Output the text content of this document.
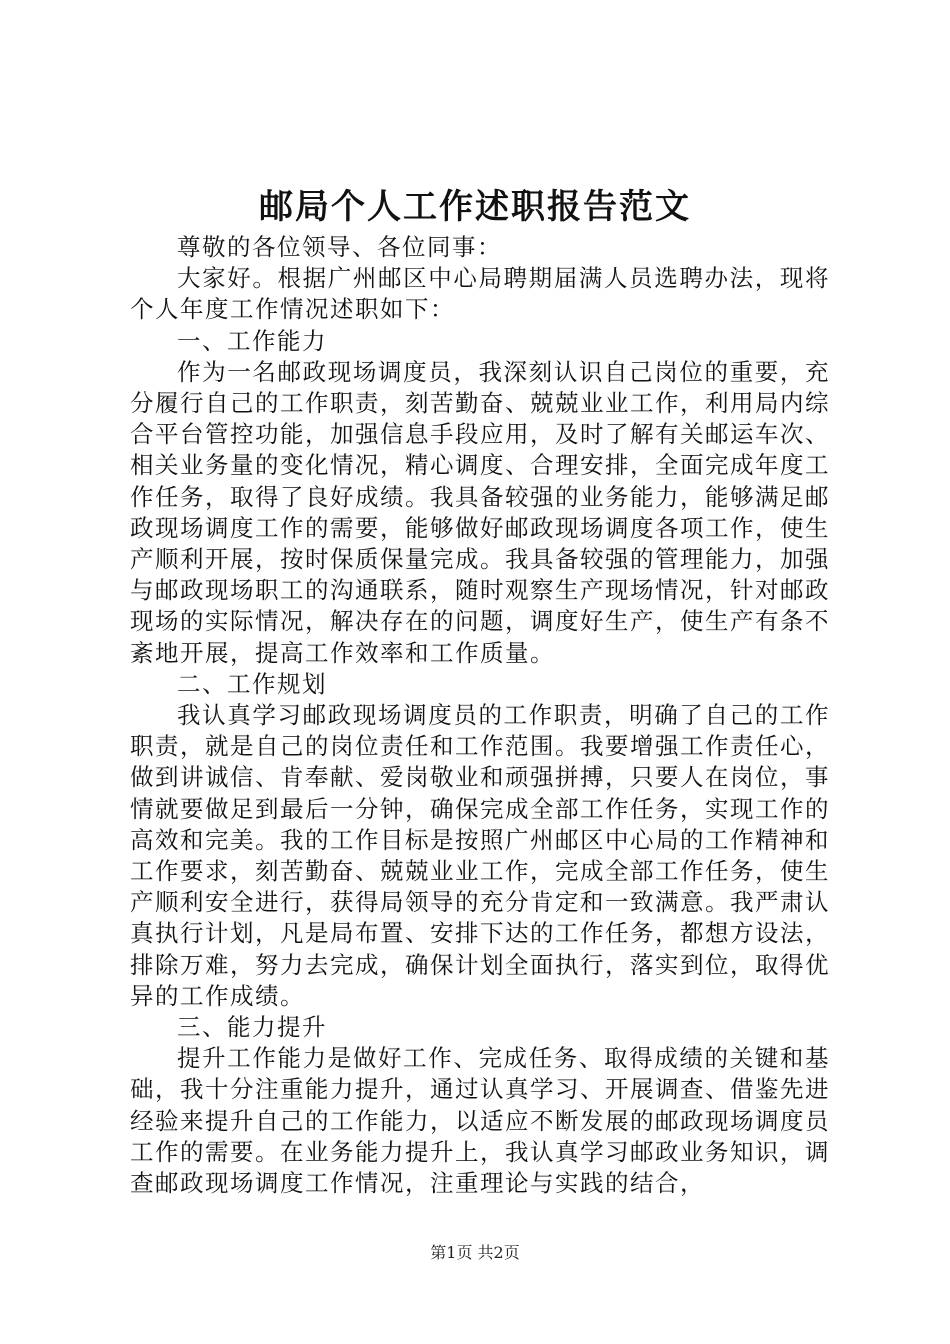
邮局个人工作述职报告范文

尊敬的各位领导、各位同事：

大家好。根据广州邮区中心局聘期届满人员选聘办法，现将个人年度工作情况述职如下：

一、工作能力

作为一名邮政现场调度员，我深刻认识自己岗位的重要，充分履行自己的工作职责，刻苦勤奋、兢兢业业工作，利用局内综合平台管控功能，加强信息手段应用，及时了解有关邮运车次、相关业务量的变化情况，精心调度、合理安排，全面完成年度工作任务，取得了良好成绩。我具备较强的业务能力，能够满足邮政现场调度工作的需要，能够做好邮政现场调度各项工作，使生产顺利开展，按时保质保量完成。我具备较强的管理能力，加强与邮政现场职工的沟通联系，随时观察生产现场情况，针对邮政现场的实际情况，解决存在的问题，调度好生产，使生产有条不紊地开展，提高工作效率和工作质量。

二、工作规划

我认真学习邮政现场调度员的工作职责，明确了自己的工作职责，就是自己的岗位责任和工作范围。我要增强工作责任心，做到讲诚信、肯奉献、爱岗敬业和顽强拼搏，只要人在岗位，事情就要做足到最后一分钟，确保完成全部工作任务，实现工作的高效和完美。我的工作目标是按照广州邮区中心局的工作精神和工作要求，刻苦勤奋、兢兢业业工作，完成全部工作任务，使生产顺利安全进行，获得局领导的充分肯定和一致满意。我严肃认真执行计划，凡是局布置、安排下达的工作任务，都想方设法，排除万难，努力去完成，确保计划全面执行，落实到位，取得优异的工作成绩。

三、能力提升

提升工作能力是做好工作、完成任务、取得成绩的关键和基础，我十分注重能力提升，通过认真学习、开展调查、借鉴先进经验来提升自己的工作能力，以适应不断发展的邮政现场调度员工作的需要。在业务能力提升上，我认真学习邮政业务知识，调查邮政现场调度工作情况，注重理论与实践的结合，

第1页 共2页
